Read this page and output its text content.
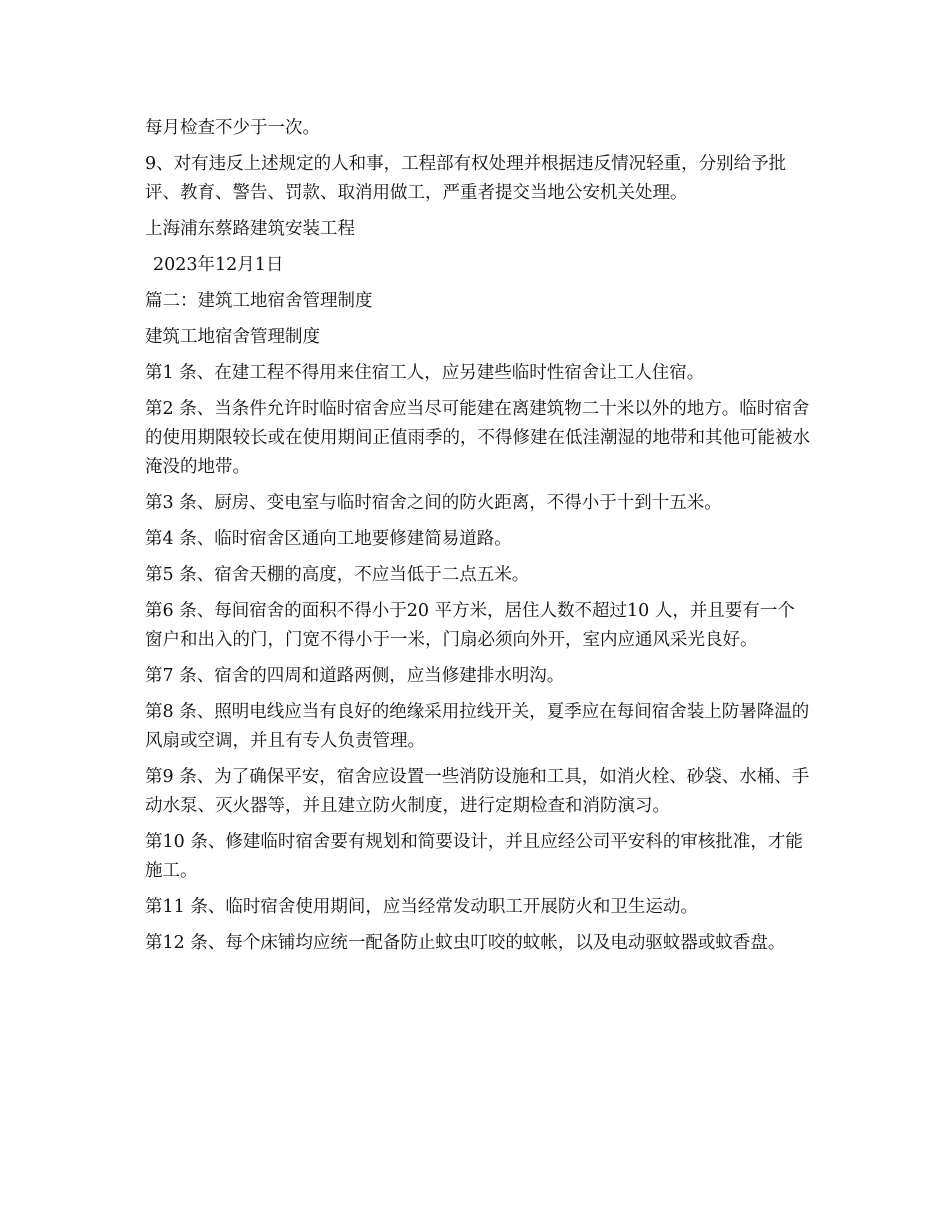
每月检查不少于一次。

9、对有违反上述规定的人和事，工程部有权处理并根据违反情况轻重，分别给予批评、教育、警告、罚款、取消用做工，严重者提交当地公安机关处理。

上海浦东蔡路建筑安装工程

2023年12月1日

篇二：建筑工地宿舍管理制度

建筑工地宿舍管理制度

第1 条、在建工程不得用来住宿工人，应另建些临时性宿舍让工人住宿。

第2 条、当条件允许时临时宿舍应当尽可能建在离建筑物二十米以外的地方。临时宿舍的使用期限较长或在使用期间正值雨季的，不得修建在低洼潮湿的地带和其他可能被水淹没的地带。

第3 条、厨房、变电室与临时宿舍之间的防火距离，不得小于十到十五米。

第4 条、临时宿舍区通向工地要修建简易道路。

第5 条、宿舍天棚的高度，不应当低于二点五米。

第6 条、每间宿舍的面积不得小于20 平方米，居住人数不超过10 人，并且要有一个窗户和出入的门，门宽不得小于一米，门扇必须向外开，室内应通风采光良好。

第7 条、宿舍的四周和道路两侧，应当修建排水明沟。

第8 条、照明电线应当有良好的绝缘采用拉线开关，夏季应在每间宿舍装上防暑降温的风扇或空调，并且有专人负责管理。

第9 条、为了确保平安，宿舍应设置一些消防设施和工具，如消火栓、砂袋、水桶、手动水泵、灭火器等，并且建立防火制度，进行定期检查和消防演习。

第10 条、修建临时宿舍要有规划和简要设计，并且应经公司平安科的审核批准，才能施工。

第11 条、临时宿舍使用期间，应当经常发动职工开展防火和卫生运动。

第12 条、每个床铺均应统一配备防止蚊虫叮咬的蚊帐，以及电动驱蚊器或蚊香盘。
